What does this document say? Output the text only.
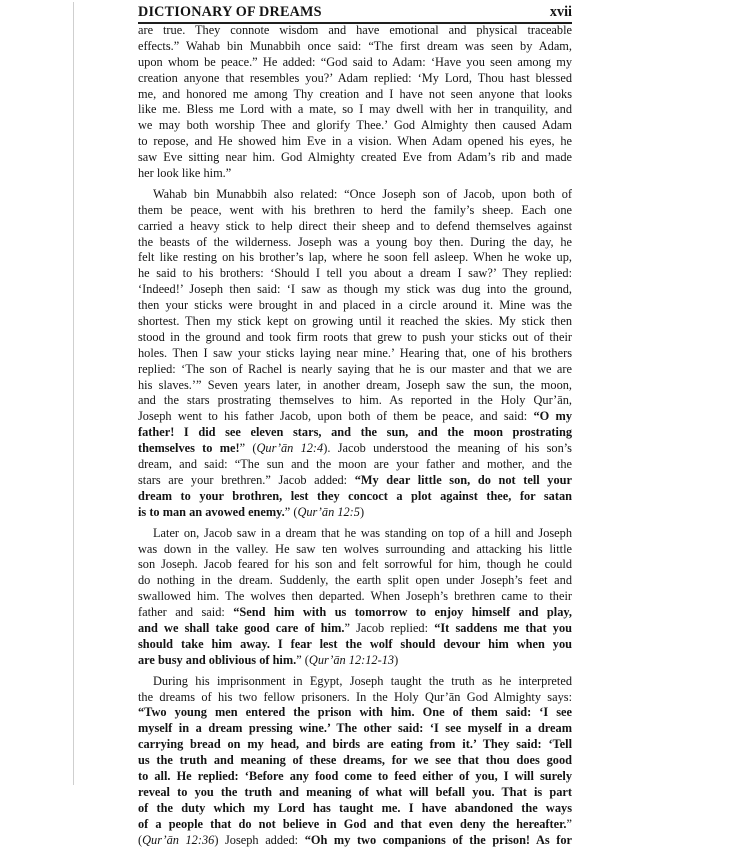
DICTIONARY OF DREAMS	xvii
are true. They connote wisdom and have emotional and physical traceable
effects.” Wahab bin Munabbih once said: “The first dream was seen by Adam,
upon whom be peace.” He added: “God said to Adam: ‘Have you seen among my
creation anyone that resembles you?’ Adam replied: ‘My Lord, Thou hast blessed
me, and honored me among Thy creation and I have not seen anyone that looks
like me. Bless me Lord with a mate, so I may dwell with her in tranquility, and
we may both worship Thee and glorify Thee.’ God Almighty then caused Adam
to repose, and He showed him Eve in a vision. When Adam opened his eyes, he
saw Eve sitting near him. God Almighty created Eve from Adam’s rib and made
her look like him.”
Wahab bin Munabbih also related: “Once Joseph son of Jacob, upon both of
them be peace, went with his brethren to herd the family’s sheep. Each one
carried a heavy stick to help direct their sheep and to defend themselves against
the beasts of the wilderness. Joseph was a young boy then. During the day, he
felt like resting on his brother’s lap, where he soon fell asleep. When he woke up,
he said to his brothers: ‘Should I tell you about a dream I saw?’ They replied:
‘Indeed!’ Joseph then said: ‘I saw as though my stick was dug into the ground,
then your sticks were brought in and placed in a circle around it. Mine was the
shortest. Then my stick kept on growing until it reached the skies. My stick then
stood in the ground and took firm roots that grew to push your sticks out of their
holes. Then I saw your sticks laying near mine.’ Hearing that, one of his brothers
replied: ‘The son of Rachel is nearly saying that he is our master and that we are
his slaves.’” Seven years later, in another dream, Joseph saw the sun, the moon,
and the stars prostrating themselves to him. As reported in the Holy Qur’ān,
Joseph went to his father Jacob, upon both of them be peace, and said: “O my
father! I did see eleven stars, and the sun, and the moon prostrating
themselves to me!” (Qur’ān 12:4). Jacob understood the meaning of his son’s
dream, and said: “The sun and the moon are your father and mother, and the
stars are your brethren.” Jacob added: “My dear little son, do not tell your
dream to your brothren, lest they concoct a plot against thee, for satan
is to man an avowed enemy.” (Qur’ān 12:5)
Later on, Jacob saw in a dream that he was standing on top of a hill and Joseph
was down in the valley. He saw ten wolves surrounding and attacking his little
son Joseph. Jacob feared for his son and felt sorrowful for him, though he could
do nothing in the dream. Suddenly, the earth split open under Joseph’s feet and
swallowed him. The wolves then departed. When Joseph’s brethren came to their
father and said: “Send him with us tomorrow to enjoy himself and play,
and we shall take good care of him.” Jacob replied: “It saddens me that you
should take him away. I fear lest the wolf should devour him when you
are busy and oblivious of him.” (Qur’ān 12:12-13)
During his imprisonment in Egypt, Joseph taught the truth as he interpreted
the dreams of his two fellow prisoners. In the Holy Qur’ān God Almighty says:
“Two young men entered the prison with him. One of them said: ‘I see
myself in a dream pressing wine.’ The other said: ‘I see myself in a dream
carrying bread on my head, and birds are eating from it.’ They said: ‘Tell
us the truth and meaning of these dreams, for we see that thou does good
to all. He replied: ‘Before any food come to feed either of you, I will surely
reveal to you the truth and meaning of what will befall you. That is part
of the duty which my Lord has taught me. I have abandoned the ways
of a people that do not believe in God and that even deny the hereafter.”
(Qur’ān 12:36) Joseph added: “Oh my two companions of the prison! As for
